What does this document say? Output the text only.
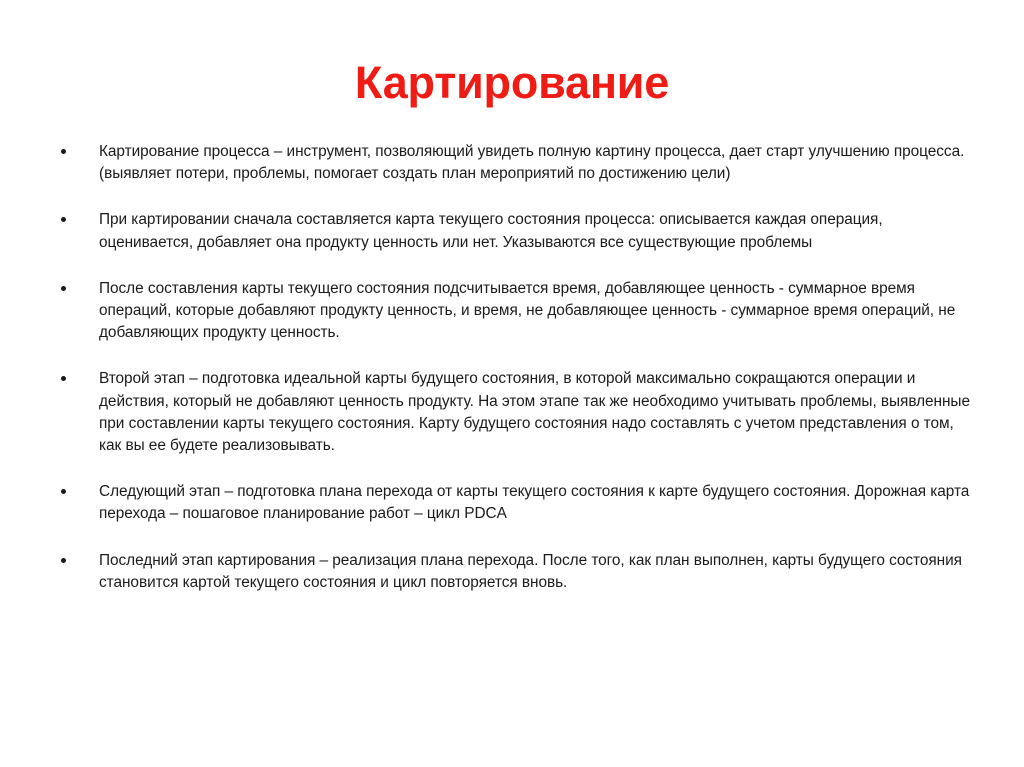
Картирование
Картирование процесса – инструмент, позволяющий увидеть полную картину процесса, дает старт улучшению процесса. (выявляет потери, проблемы, помогает создать план мероприятий по достижению цели)
При картировании сначала составляется карта текущего состояния процесса: описывается каждая операция, оценивается, добавляет она продукту ценность или нет. Указываются все существующие проблемы
После составления карты текущего состояния подсчитывается время, добавляющее ценность - суммарное время операций, которые добавляют продукту ценность, и время, не добавляющее ценность - суммарное время операций, не добавляющих продукту ценность.
Второй этап – подготовка идеальной карты будущего состояния, в которой максимально сокращаются операции и действия, который не добавляют ценность продукту. На этом этапе так же необходимо учитывать проблемы, выявленные при составлении карты текущего состояния. Карту будущего состояния надо составлять с учетом представления о том, как вы ее будете реализовывать.
Следующий этап – подготовка плана перехода от карты текущего состояния к карте будущего состояния. Дорожная карта перехода – пошаговое планирование работ – цикл PDCA
Последний этап картирования – реализация плана перехода. После того, как план выполнен, карты будущего состояния становится картой текущего состояния и цикл повторяется вновь.
